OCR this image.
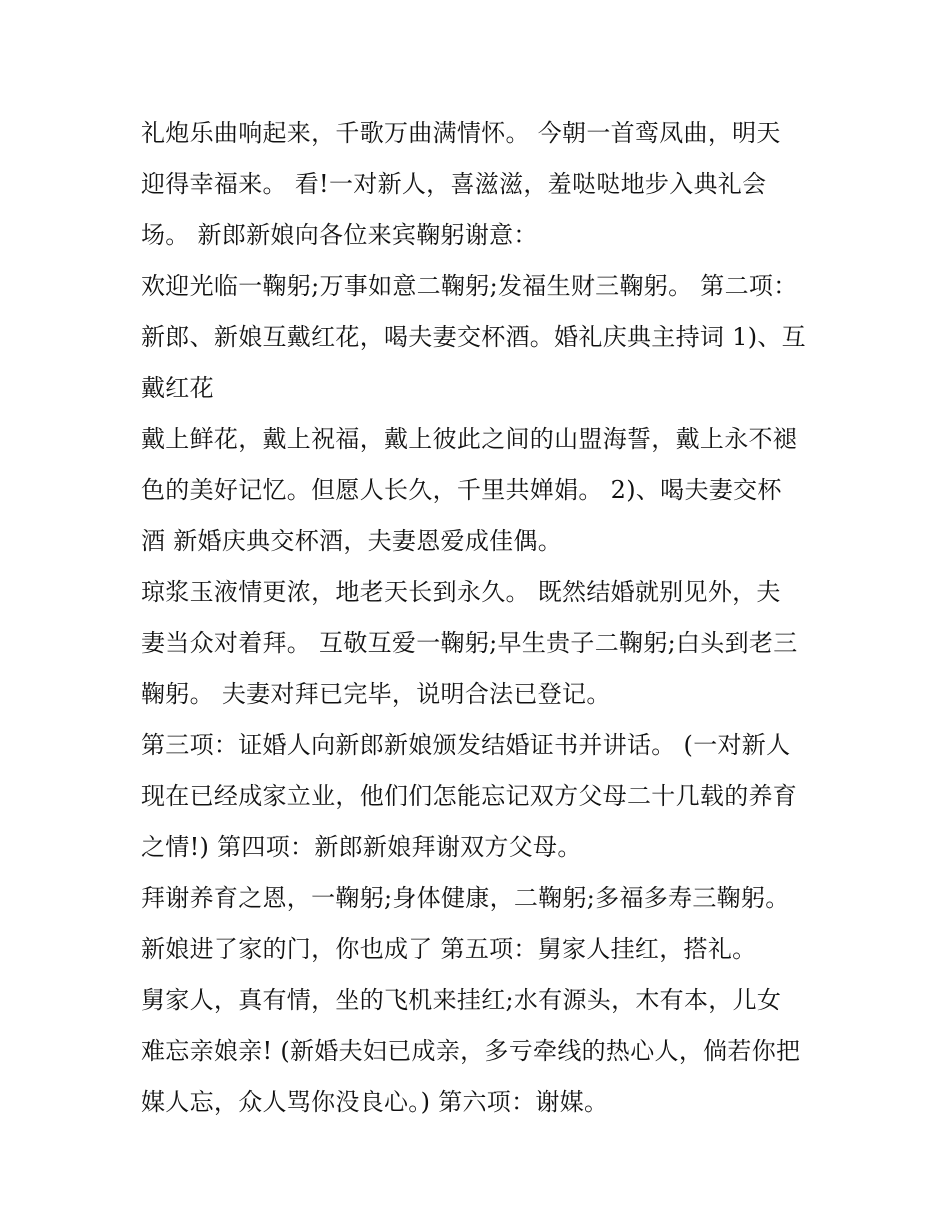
礼炮乐曲响起来，千歌万曲满情怀。 今朝一首鸾凤曲，明天
迎得幸福来。 看!一对新人，喜滋滋，羞哒哒地步入典礼会
场。 新郎新娘向各位来宾鞠躬谢意：
欢迎光临一鞠躬;万事如意二鞠躬;发福生财三鞠躬。 第二项：
新郎、新娘互戴红花，喝夫妻交杯酒。婚礼庆典主持词 1)、互
戴红花
戴上鲜花，戴上祝福，戴上彼此之间的山盟海誓，戴上永不褪
色的美好记忆。但愿人长久，千里共婵娟。 2)、喝夫妻交杯
酒 新婚庆典交杯酒，夫妻恩爱成佳偶。
琼浆玉液情更浓，地老天长到永久。 既然结婚就别见外，夫
妻当众对着拜。 互敬互爱一鞠躬;早生贵子二鞠躬;白头到老三
鞠躬。 夫妻对拜已完毕，说明合法已登记。
第三项：证婚人向新郎新娘颁发结婚证书并讲话。 (一对新人
现在已经成家立业，他们们怎能忘记双方父母二十几载的养育
之情!) 第四项：新郎新娘拜谢双方父母。
拜谢养育之恩，一鞠躬;身体健康，二鞠躬;多福多寿三鞠躬。
新娘进了家的门，你也成了 第五项：舅家人挂红，搭礼。
舅家人，真有情，坐的飞机来挂红;水有源头，木有本，儿女
难忘亲娘亲! (新婚夫妇已成亲，多亏牵线的热心人，倘若你把
媒人忘，众人骂你没良心。) 第六项：谢媒。
